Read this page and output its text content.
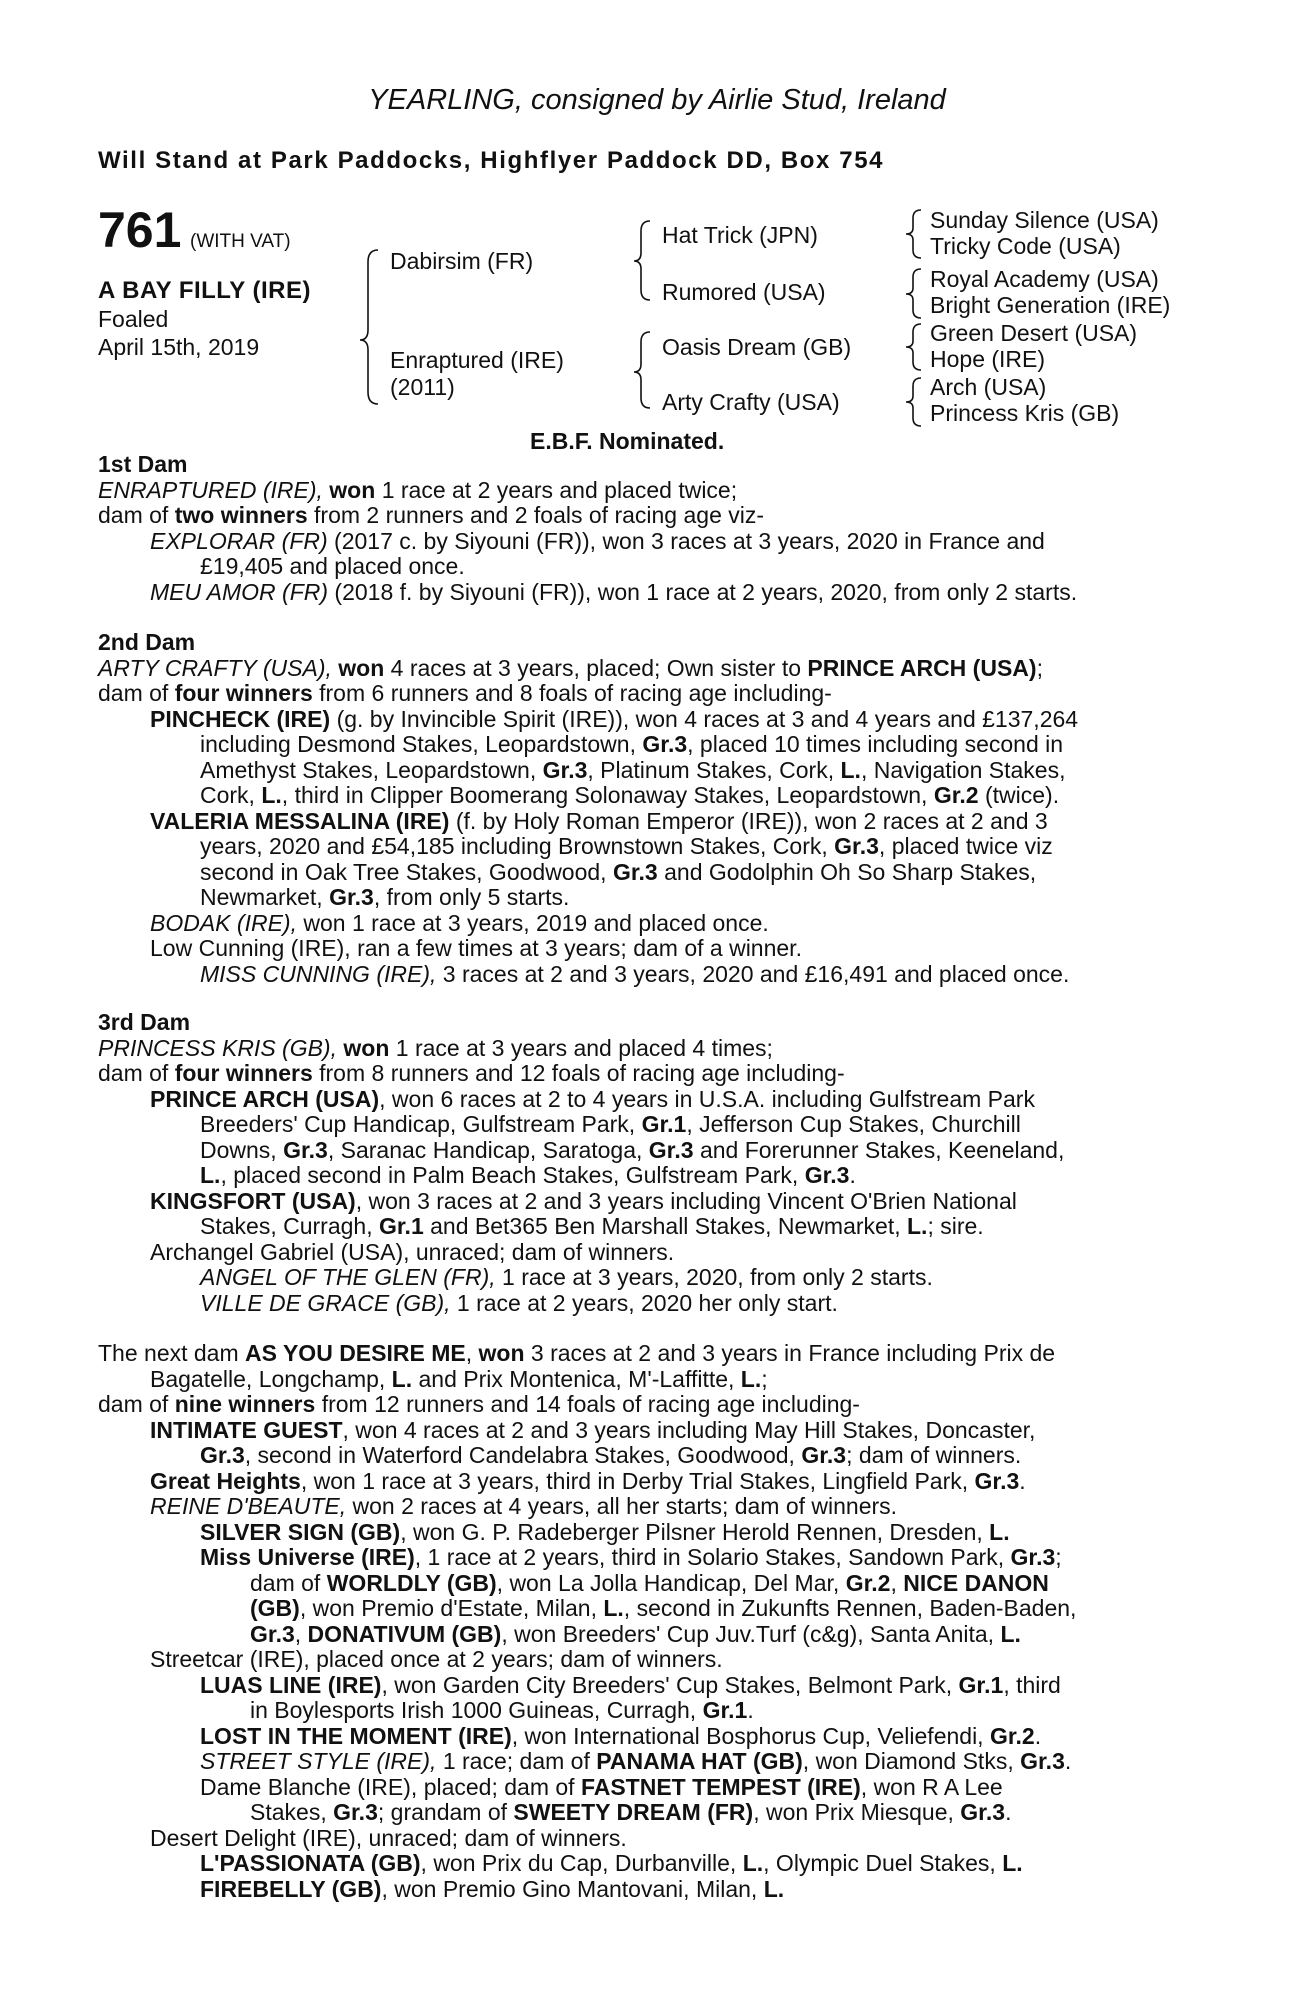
YEARLING, consigned by Airlie Stud, Ireland
Will Stand at Park Paddocks, Highflyer Paddock DD, Box 754
761 (WITH VAT)
A BAY FILLY (IRE)
Foaled
April 15th, 2019
Dabirsim (FR)
Enraptured (IRE)
(2011)
Hat Trick (JPN)
Rumored (USA)
Oasis Dream (GB)
Arty Crafty (USA)
Sunday Silence (USA)
Tricky Code (USA)
Royal Academy (USA)
Bright Generation (IRE)
Green Desert (USA)
Hope (IRE)
Arch (USA)
Princess Kris (GB)
E.B.F. Nominated.
1st Dam
ENRAPTURED (IRE), won 1 race at 2 years and placed twice;
dam of two winners from 2 runners and 2 foals of racing age viz-
EXPLORAR (FR) (2017 c. by Siyouni (FR)), won 3 races at 3 years, 2020 in France and
£19,405 and placed once.
MEU AMOR (FR) (2018 f. by Siyouni (FR)), won 1 race at 2 years, 2020, from only 2 starts.
2nd Dam
ARTY CRAFTY (USA), won 4 races at 3 years, placed; Own sister to PRINCE ARCH (USA);
dam of four winners from 6 runners and 8 foals of racing age including-
PINCHECK (IRE) (g. by Invincible Spirit (IRE)), won 4 races at 3 and 4 years and £137,264
including Desmond Stakes, Leopardstown, Gr.3, placed 10 times including second in
Amethyst Stakes, Leopardstown, Gr.3, Platinum Stakes, Cork, L., Navigation Stakes,
Cork, L., third in Clipper Boomerang Solonaway Stakes, Leopardstown, Gr.2 (twice).
VALERIA MESSALINA (IRE) (f. by Holy Roman Emperor (IRE)), won 2 races at 2 and 3
years, 2020 and £54,185 including Brownstown Stakes, Cork, Gr.3, placed twice viz
second in Oak Tree Stakes, Goodwood, Gr.3 and Godolphin Oh So Sharp Stakes,
Newmarket, Gr.3, from only 5 starts.
BODAK (IRE), won 1 race at 3 years, 2019 and placed once.
Low Cunning (IRE), ran a few times at 3 years; dam of a winner.
MISS CUNNING (IRE), 3 races at 2 and 3 years, 2020 and £16,491 and placed once.
3rd Dam
PRINCESS KRIS (GB), won 1 race at 3 years and placed 4 times;
dam of four winners from 8 runners and 12 foals of racing age including-
PRINCE ARCH (USA), won 6 races at 2 to 4 years in U.S.A. including Gulfstream Park
Breeders' Cup Handicap, Gulfstream Park, Gr.1, Jefferson Cup Stakes, Churchill
Downs, Gr.3, Saranac Handicap, Saratoga, Gr.3 and Forerunner Stakes, Keeneland,
L., placed second in Palm Beach Stakes, Gulfstream Park, Gr.3.
KINGSFORT (USA), won 3 races at 2 and 3 years including Vincent O'Brien National
Stakes, Curragh, Gr.1 and Bet365 Ben Marshall Stakes, Newmarket, L.; sire.
Archangel Gabriel (USA), unraced; dam of winners.
ANGEL OF THE GLEN (FR), 1 race at 3 years, 2020, from only 2 starts.
VILLE DE GRACE (GB), 1 race at 2 years, 2020 her only start.
The next dam AS YOU DESIRE ME, won 3 races at 2 and 3 years in France including Prix de
Bagatelle, Longchamp, L. and Prix Montenica, M'-Laffitte, L.;
dam of nine winners from 12 runners and 14 foals of racing age including-
INTIMATE GUEST, won 4 races at 2 and 3 years including May Hill Stakes, Doncaster,
Gr.3, second in Waterford Candelabra Stakes, Goodwood, Gr.3; dam of winners.
Great Heights, won 1 race at 3 years, third in Derby Trial Stakes, Lingfield Park, Gr.3.
REINE D'BEAUTE, won 2 races at 4 years, all her starts; dam of winners.
SILVER SIGN (GB), won G. P. Radeberger Pilsner Herold Rennen, Dresden, L.
Miss Universe (IRE), 1 race at 2 years, third in Solario Stakes, Sandown Park, Gr.3;
dam of WORLDLY (GB), won La Jolla Handicap, Del Mar, Gr.2, NICE DANON
(GB), won Premio d'Estate, Milan, L., second in Zukunfts Rennen, Baden-Baden,
Gr.3, DONATIVUM (GB), won Breeders' Cup Juv.Turf (c&g), Santa Anita, L.
Streetcar (IRE), placed once at 2 years; dam of winners.
LUAS LINE (IRE), won Garden City Breeders' Cup Stakes, Belmont Park, Gr.1, third
in Boylesports Irish 1000 Guineas, Curragh, Gr.1.
LOST IN THE MOMENT (IRE), won International Bosphorus Cup, Veliefendi, Gr.2.
STREET STYLE (IRE), 1 race; dam of PANAMA HAT (GB), won Diamond Stks, Gr.3.
Dame Blanche (IRE), placed; dam of FASTNET TEMPEST (IRE), won R A Lee
Stakes, Gr.3; grandam of SWEETY DREAM (FR), won Prix Miesque, Gr.3.
Desert Delight (IRE), unraced; dam of winners.
L'PASSIONATA (GB), won Prix du Cap, Durbanville, L., Olympic Duel Stakes, L.
FIREBELLY (GB), won Premio Gino Mantovani, Milan, L.
